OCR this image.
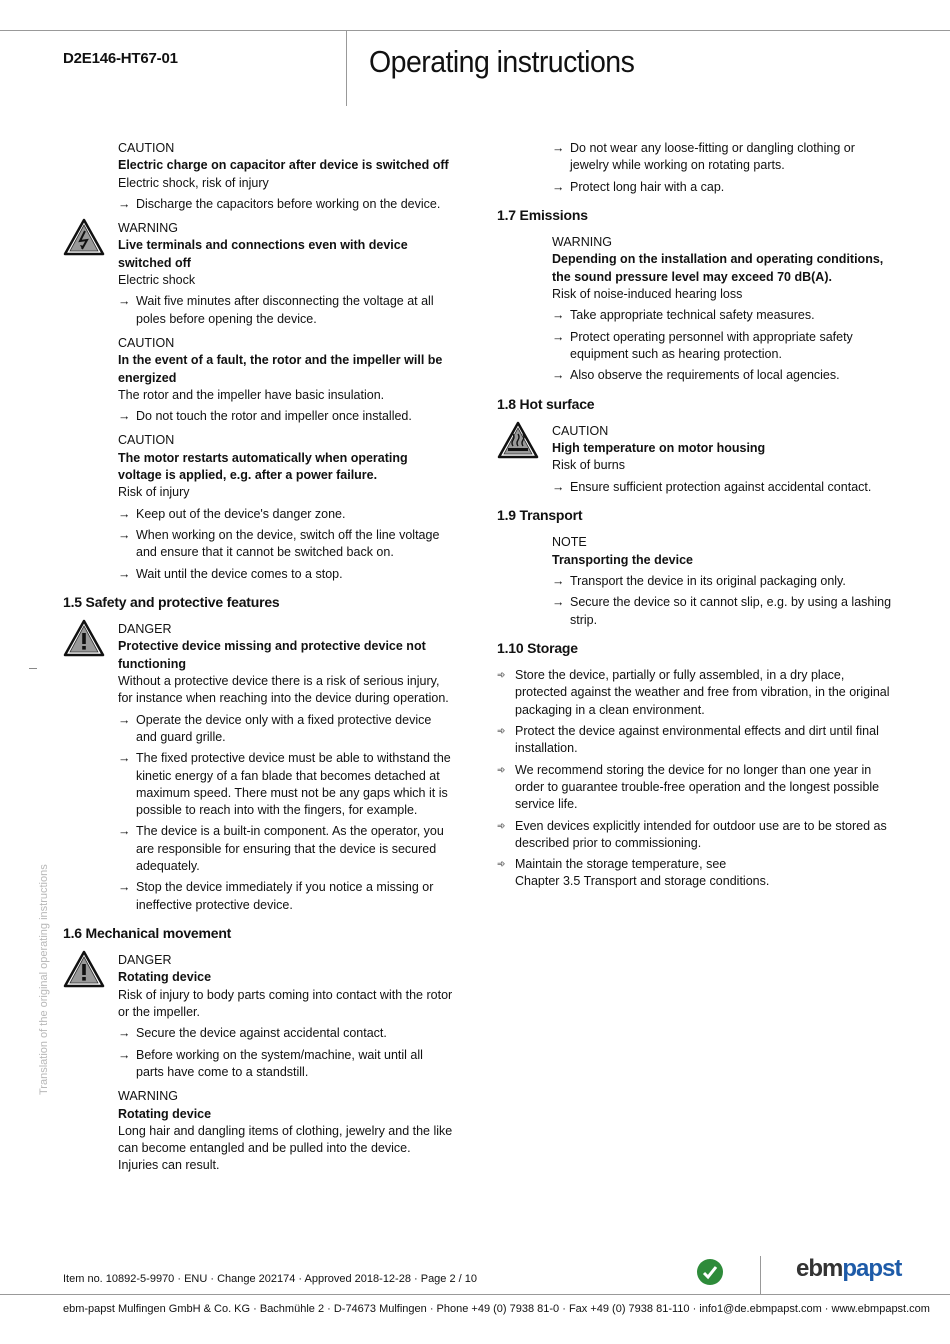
D2E146-HT67-01	Operating instructions
Translation of the original operating instructions

CAUTION

Electric charge on capacitor after device is switched off

Electric shock, risk of injury

→ Discharge the capacitors before working on the device.

WARNING

Live terminals and connections even with device switched off

Electric shock

→ Wait five minutes after disconnecting the voltage at all poles before opening the device.

CAUTION

In the event of a fault, the rotor and the impeller will be energized

The rotor and the impeller have basic insulation.

→ Do not touch the rotor and impeller once installed.

CAUTION

The motor restarts automatically when operating voltage is applied, e.g. after a power failure.

Risk of injury

→ Keep out of the device's danger zone.
→ When working on the device, switch off the line voltage and ensure that it cannot be switched back on.
→ Wait until the device comes to a stop.
1.5 Safety and protective features

DANGER

Protective device missing and protective device not functioning

Without a protective device there is a risk of serious injury, for instance when reaching into the device during operation.

→ Operate the device only with a fixed protective device and guard grille.
→ The fixed protective device must be able to withstand the kinetic energy of a fan blade that becomes detached at maximum speed. There must not be any gaps which it is possible to reach into with the fingers, for example.
→ The device is a built-in component. As the operator, you are responsible for ensuring that the device is secured adequately.
→ Stop the device immediately if you notice a missing or ineffective protective device.
1.6 Mechanical movement

DANGER

Rotating device

Risk of injury to body parts coming into contact with the rotor or the impeller.

→ Secure the device against accidental contact.
→ Before working on the system/machine, wait until all parts have come to a standstill.

WARNING

Rotating device

Long hair and dangling items of clothing, jewelry and the like can become entangled and be pulled into the device. Injuries can result.

→ Do not wear any loose-fitting or dangling clothing or jewelry while working on rotating parts.
→ Protect long hair with a cap.
1.7 Emissions

WARNING

Depending on the installation and operating conditions, the sound pressure level may exceed 70 dB(A).

Risk of noise-induced hearing loss

→ Take appropriate technical safety measures.
→ Protect operating personnel with appropriate safety equipment such as hearing protection.
→ Also observe the requirements of local agencies.
1.8 Hot surface

CAUTION

High temperature on motor housing

Risk of burns

→ Ensure sufficient protection against accidental contact.
1.9 Transport

NOTE

Transporting the device

→ Transport the device in its original packaging only.
→ Secure the device so it cannot slip, e.g. by using a lashing strip.
1.10 Storage
➾ Store the device, partially or fully assembled, in a dry place, protected against the weather and free from vibration, in the original packaging in a clean environment.
➾ Protect the device against environmental effects and dirt until final installation.
➾ We recommend storing the device for no longer than one year in order to guarantee trouble-free operation and the longest possible service life.
➾ Even devices explicitly intended for outdoor use are to be stored as described prior to commissioning.
➾ Maintain the storage temperature, see
Chapter 3.5 Transport and storage conditions.
Item no. 10892-5-9970 · ENU · Change 202174 · Approved 2018-12-28 · Page 2 / 10	ebmpapst
ebm-papst Mulfingen GmbH & Co. KG · Bachmühle 2 · D-74673 Mulfingen · Phone +49 (0) 7938 81-0 · Fax +49 (0) 7938 81-110 · info1@de.ebmpapst.com · www.ebmpapst.com
